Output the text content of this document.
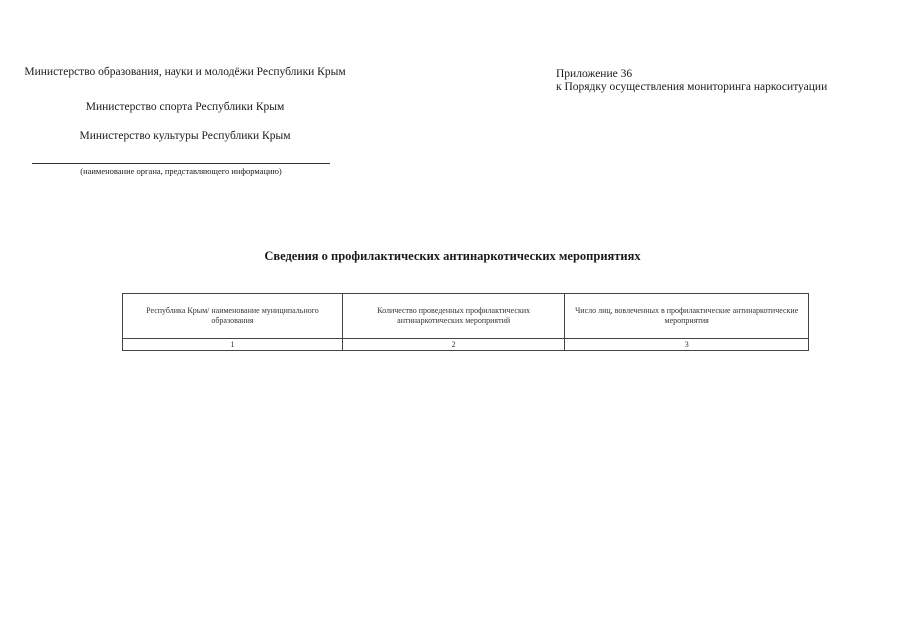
Министерство образования, науки и молодёжи Республики Крым
Министерство спорта Республики Крым
Министерство культуры Республики Крым
(наименование органа, представляющего информацию)
Приложение 36
к Порядку осуществления мониторинга наркоситуации
Сведения о профилактических антинаркотических мероприятиях
Республика Крым/ наименование муниципального образования	Количество проведенных профилактических антинаркотических мероприятий	Число лиц, вовлеченных в профилактические антинаркотические мероприятия
1	2	3
